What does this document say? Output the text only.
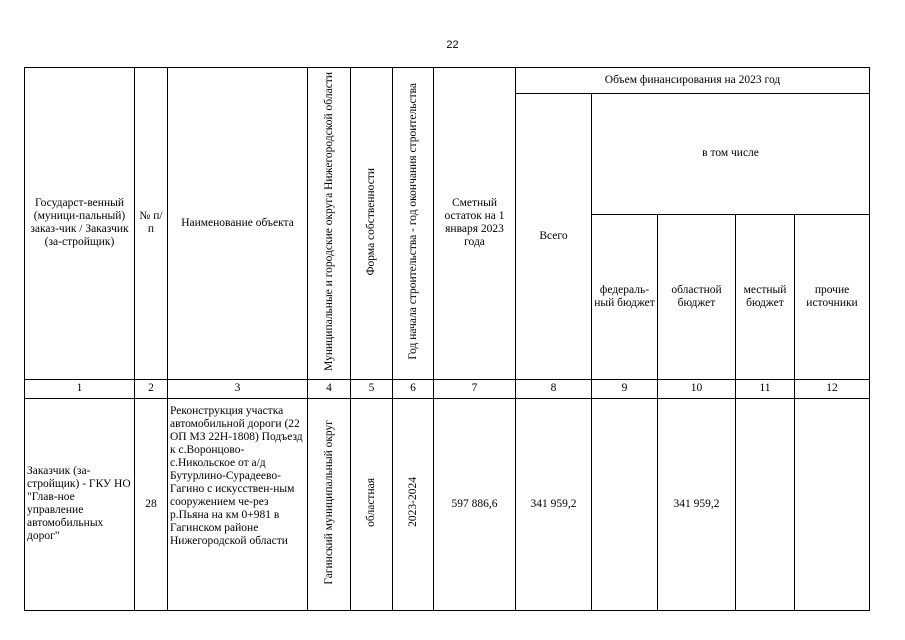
22
Государст-венный (муници-пальный) заказ-чик / Заказчик (за-стройщик)	№ п/п	Наименование объекта	Муниципальные и городские округа Нижегородской области	Форма собственности	Год начала строительства - год окончания строительства	Сметный остаток на 1 января 2023 года	Объем финансирования на 2023 год				
							Всего	в том числе			
								федераль-ный бюджет	областной бюджет	местный бюджет	прочие источники
1	2	3	4	5	6	7	8	9	10	11	12
Заказчик (за-стройщик) - ГКУ НО "Глав-ное управление автомобильных дорог"	28	Реконструкция участка автомобильной дороги (22 ОП МЗ 22Н-1808) Подъезд к с.Воронцово-с.Никольское от а/д Бутурлино-Сурадеево-Гагино с искусствен-ным сооружением че-рез р.Пьяна на км 0+981 в Гагинском районе Нижегородской области	Гагинский муниципальный округ	областная	2023-2024	597 886,6	341 959,2		341 959,2		
